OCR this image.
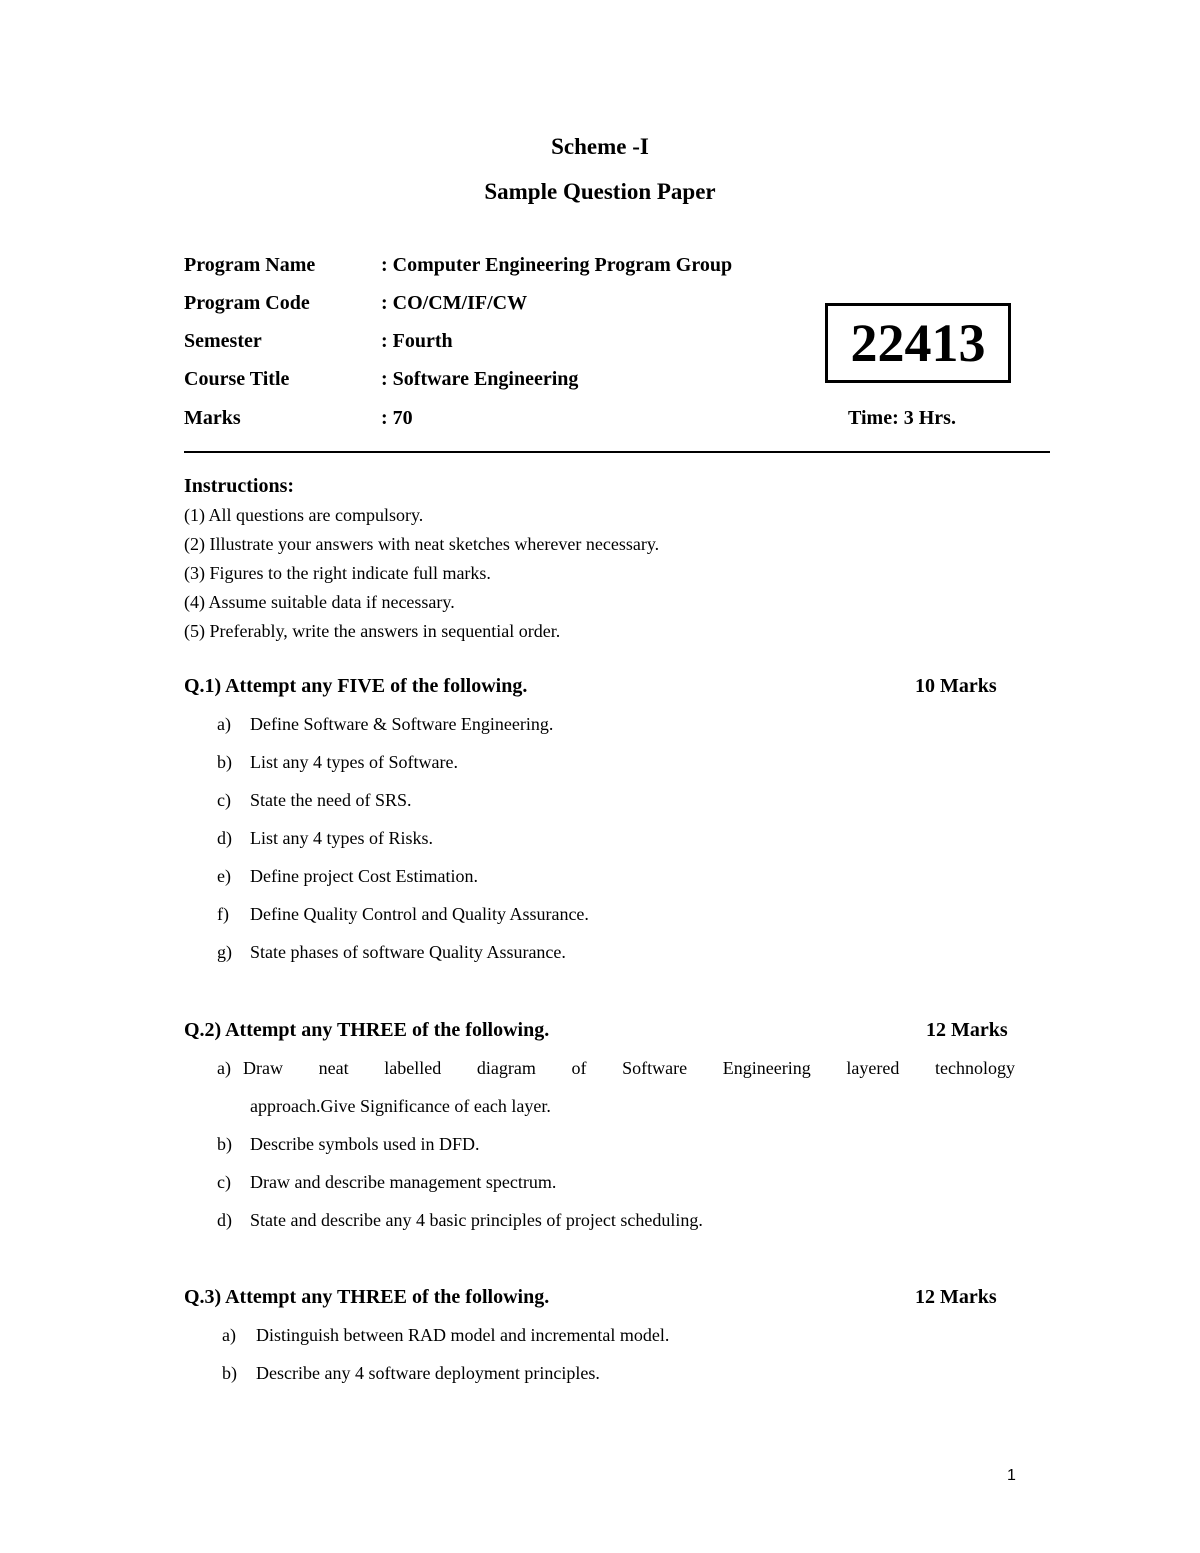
Scheme -I
Sample Question Paper
Program Name	: Computer Engineering Program Group
Program Code	: CO/CM/IF/CW
Semester	: Fourth
Course Title	: Software Engineering
Marks	: 70
22413
Time: 3 Hrs.
Instructions:
(1) All questions are compulsory.
(2) Illustrate your answers with neat sketches wherever necessary.
(3) Figures to the right indicate full marks.
(4) Assume suitable data if necessary.
(5) Preferably, write the answers in sequential order.
Q.1) Attempt any FIVE of the following.	10 Marks
a) Define Software & Software Engineering.
b) List any 4 types of Software.
c) State the need of SRS.
d) List any 4 types of Risks.
e) Define project Cost Estimation.
f) Define Quality Control and Quality Assurance.
g) State phases of software Quality Assurance.
Q.2) Attempt any THREE of the following.	12 Marks
a) Draw neat labelled diagram of Software Engineering layered technology
approach.Give Significance of each layer.
b) Describe symbols used in DFD.
c) Draw and describe management spectrum.
d) State and describe any 4 basic principles of project scheduling.
Q.3) Attempt any THREE of the following.	12 Marks
a) Distinguish between RAD model and incremental model.
b) Describe any 4 software deployment principles.
1
